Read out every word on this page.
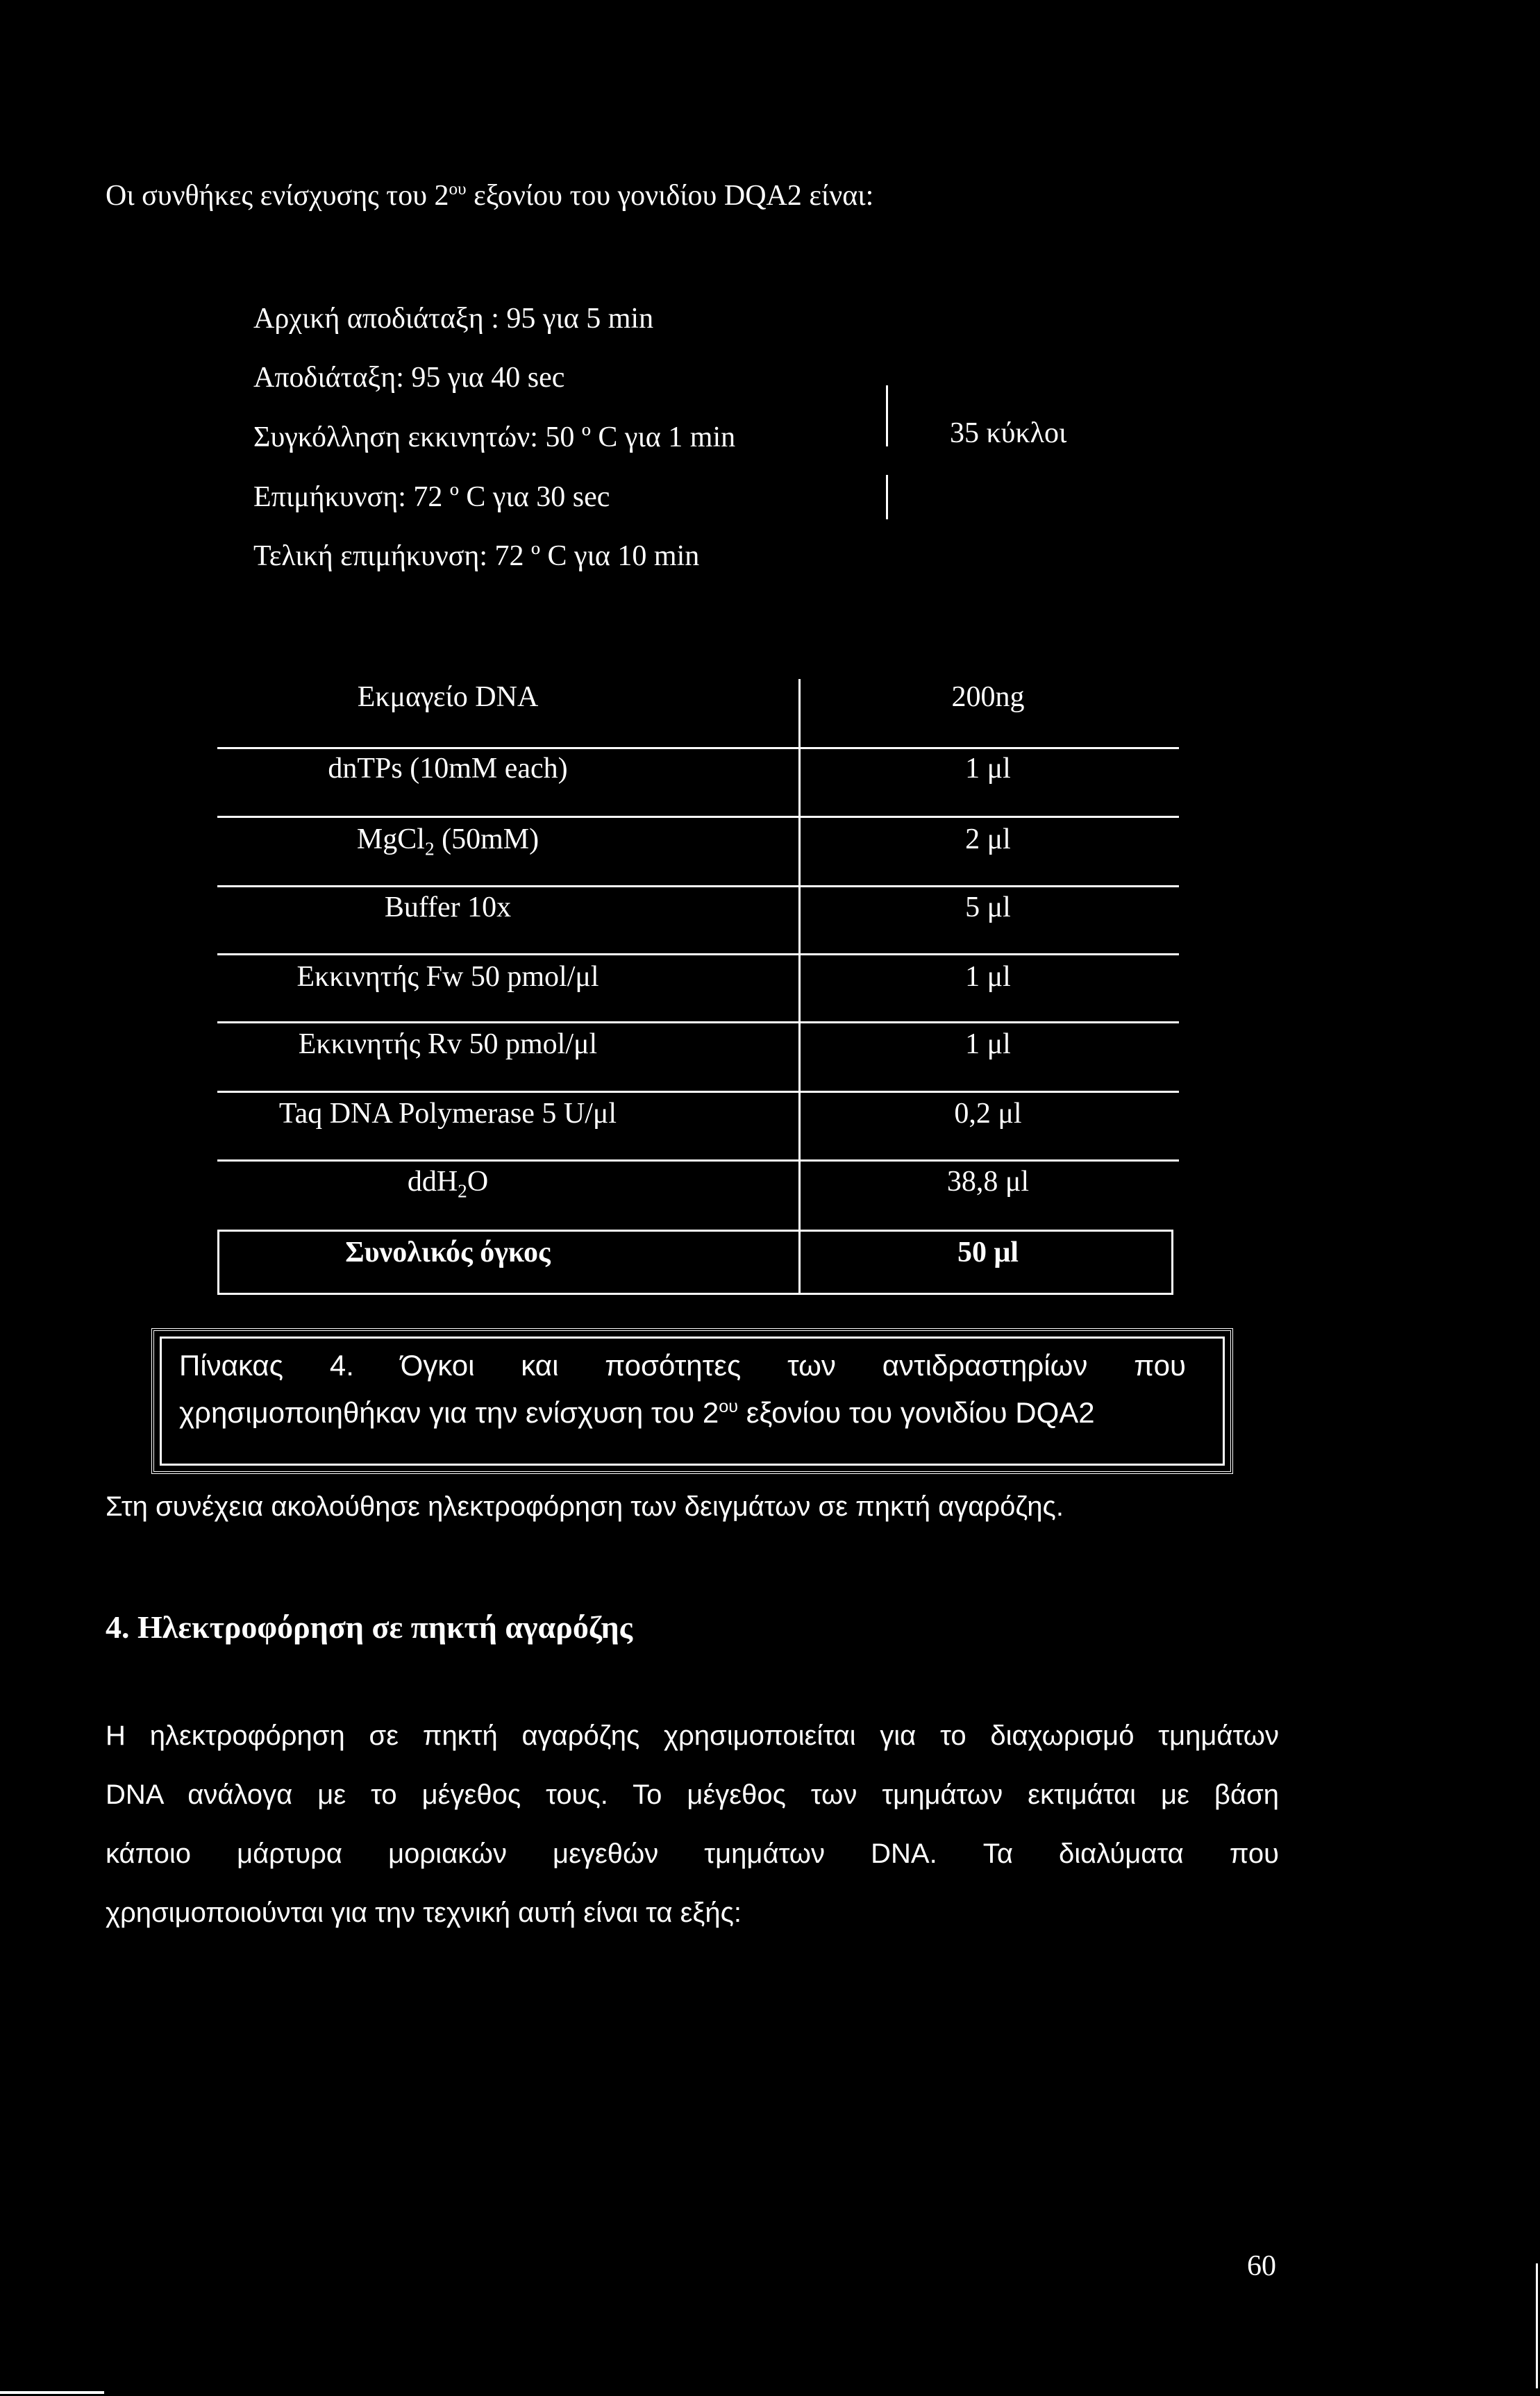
Οι συνθήκες ενίσχυσης του $2^{o\upsilon}$ εξονίου του γονιδίου DQA2 είναι:
Αρχική αποδιάταξη : 95 για 5 min
Αποδιάταξη: 95 για 40 sec
Συγκόλληση εκκινητών: 50 º C για 1 min
Επιμήκυνση: 72 º C για 30 sec
Τελική επιμήκυνση: 72 º C για 10 min
35 κύκλοι
Εκμαγείο DNA	200ng
dnTPs (10mM each)	1 μl
MgCl$_2$ (50mM)	2 μl
Buffer 10x	5 μl
Εκκινητής Fw 50 pmol/μl	1 μl
Εκκινητής Rv 50 pmol/μl	1 μl
Taq DNA Polymerase 5 U/μl	0,2 μl
ddH$_2$O	38,8 μl
Συνολικός όγκος	50 μl
Πίνακας 4. Όγκοι και ποσότητες των αντιδραστηρίων που
χρησιμοποιηθήκαν για την ενίσχυση του $2^{o\upsilon}$ εξονίου του γονιδίου DQA2
Στη συνέχεια ακολούθησε ηλεκτροφόρηση των δειγμάτων σε πηκτή αγαρόζης.
4. Ηλεκτροφόρηση σε πηκτή αγαρόζης
Η ηλεκτροφόρηση σε πηκτή αγαρόζης χρησιμοποιείται για το διαχωρισμό τμημάτων
DNA ανάλογα με το μέγεθος τους. Το μέγεθος των τμημάτων εκτιμάται με βάση
κάποιο μάρτυρα μοριακών μεγεθών τμημάτων DNA. Τα διαλύματα που
χρησιμοποιούνται για την τεχνική αυτή είναι τα εξής:
60
